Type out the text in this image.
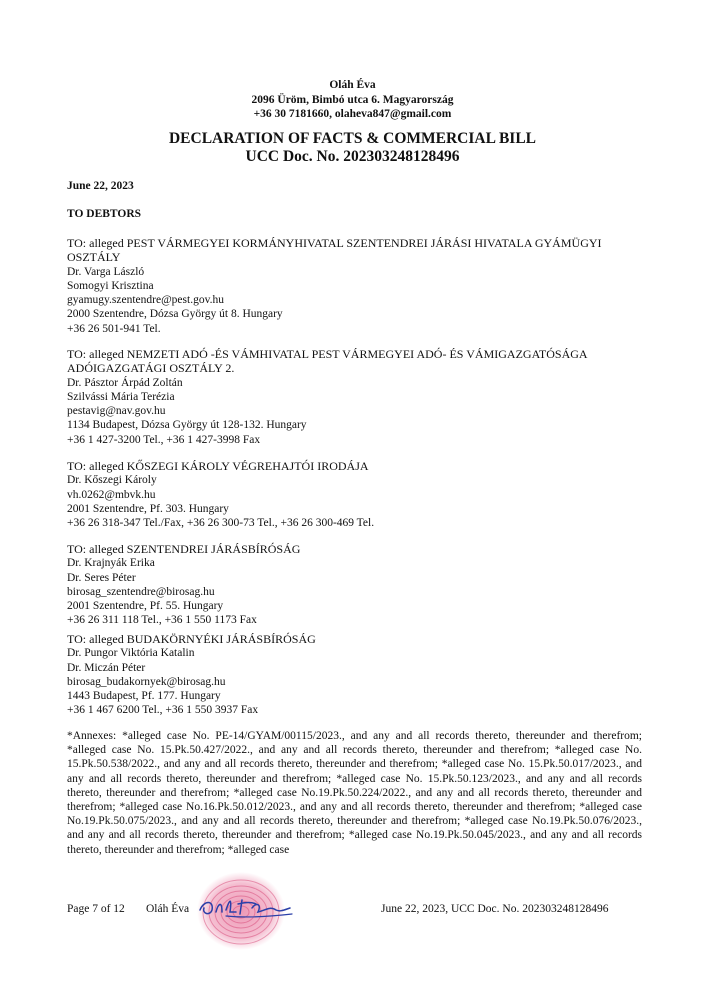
Oláh Éva
2096 Üröm, Bimbó utca 6. Magyarország
+36 30 7181660, olaheva847@gmail.com
DECLARATION OF FACTS & COMMERCIAL BILL
UCC Doc. No. 202303248128496
June 22, 2023
TO DEBTORS
TO: alleged PEST VÁRMEGYEI KORMÁNYHIVATAL SZENTENDREI JÁRÁSI HIVATALA GYÁMÜGYI OSZTÁLY
Dr. Varga László
Somogyi Krisztina
gyamugy.szentendre@pest.gov.hu
2000 Szentendre, Dózsa György út 8. Hungary
+36 26 501-941 Tel.
TO: alleged NEMZETI ADÓ -ÉS VÁMHIVATAL PEST VÁRMEGYEI ADÓ- ÉS VÁMIGAZGATÓSÁGA ADÓIGAZGATÁGI OSZTÁLY 2.
Dr. Pásztor Árpád Zoltán
Szilvássi Mária Terézia
pestavig@nav.gov.hu
1134 Budapest, Dózsa György út 128-132. Hungary
+36 1 427-3200 Tel., +36 1 427-3998 Fax
TO: alleged KŐSZEGI KÁROLY VÉGREHAJTÓI IRODÁJA
Dr. Kőszegi Károly
vh.0262@mbvk.hu
2001 Szentendre, Pf. 303. Hungary
+36 26 318-347 Tel./Fax, +36 26 300-73 Tel., +36 26 300-469 Tel.
TO: alleged SZENTENDREI JÁRÁSBÍRÓSÁG
Dr. Krajnyák Erika
Dr. Seres Péter
birosag_szentendre@birosag.hu
2001 Szentendre, Pf. 55. Hungary
+36 26 311 118 Tel., +36 1 550 1173 Fax
TO: alleged BUDAKÖRNYÉKI JÁRÁSBÍRÓSÁG
Dr. Pungor Viktória Katalin
Dr. Miczán Péter
birosag_budakornyek@birosag.hu
1443 Budapest, Pf. 177. Hungary
+36 1 467 6200 Tel., +36 1 550 3937 Fax
*Annexes: *alleged case No. PE-14/GYAM/00115/2023., and any and all records thereto, thereunder and therefrom; *alleged case No. 15.Pk.50.427/2022., and any and all records thereto, thereunder and therefrom; *alleged case No. 15.Pk.50.538/2022., and any and all records thereto, thereunder and therefrom; *alleged case No. 15.Pk.50.017/2023., and any and all records thereto, thereunder and therefrom; *alleged case No. 15.Pk.50.123/2023., and any and all records thereto, thereunder and therefrom; *alleged case No.19.Pk.50.224/2022., and any and all records thereto, thereunder and therefrom; *alleged case No.16.Pk.50.012/2023., and any and all records thereto, thereunder and therefrom; *alleged case No.19.Pk.50.075/2023., and any and all records thereto, thereunder and therefrom; *alleged case No.19.Pk.50.076/2023., and any and all records thereto, thereunder and therefrom; *alleged case No.19.Pk.50.045/2023., and any and all records thereto, thereunder and therefrom; *alleged case
Page 7 of 12 Oláh Éva	June 22, 2023, UCC Doc. No. 202303248128496
